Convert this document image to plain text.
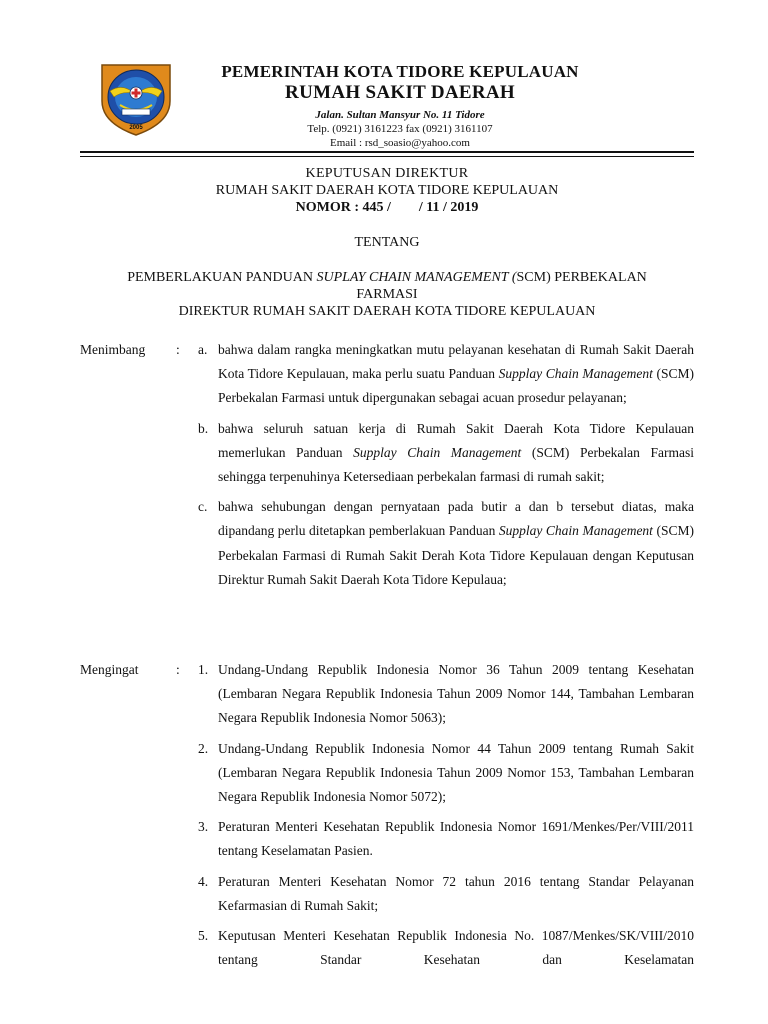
2005
PEMERINTAH KOTA TIDORE KEPULAUAN
RUMAH SAKIT DAERAH
Jalan. Sultan Mansyur No. 11 Tidore
Telp. (0921) 3161223 fax (0921) 3161107
Email : rsd_soasio@yahoo.com
KEPUTUSAN DIREKTUR
RUMAH SAKIT DAERAH KOTA TIDORE KEPULAUAN
NOMOR : 445 /        / 11 / 2019
TENTANG
PEMBERLAKUAN PANDUAN SUPLAY CHAIN MANAGEMENT (SCM) PERBEKALAN
FARMASI
DIREKTUR RUMAH SAKIT DAERAH KOTA TIDORE KEPULAUAN
Menimbang : a. bahwa dalam rangka meningkatkan mutu pelayanan kesehatan di Rumah Sakit Daerah Kota Tidore Kepulauan, maka perlu suatu Panduan Supplay Chain Management (SCM) Perbekalan Farmasi untuk dipergunakan sebagai acuan prosedur pelayanan;
b. bahwa seluruh satuan kerja di Rumah Sakit Daerah Kota Tidore Kepulauan memerlukan Panduan Supplay Chain Management (SCM) Perbekalan Farmasi sehingga terpenuhinya Ketersediaan perbekalan farmasi di rumah sakit;
c. bahwa sehubungan dengan pernyataan pada butir a dan b tersebut diatas, maka dipandang perlu ditetapkan pemberlakuan Panduan Supplay Chain Management (SCM) Perbekalan Farmasi di Rumah Sakit Derah Kota Tidore Kepulauan dengan Keputusan Direktur Rumah Sakit Daerah Kota Tidore Kepulaua;
Mengingat	: 1. Undang-Undang Republik Indonesia Nomor 36 Tahun 2009 tentang Kesehatan (Lembaran Negara Republik Indonesia Tahun 2009 Nomor 144, Tambahan Lembaran Negara Republik Indonesia Nomor 5063);
2. Undang-Undang Republik Indonesia Nomor 44 Tahun 2009 tentang Rumah Sakit (Lembaran Negara Republik Indonesia Tahun 2009 Nomor 153, Tambahan Lembaran Negara Republik Indonesia Nomor 5072);
3. Peraturan Menteri Kesehatan Republik Indonesia Nomor 1691/Menkes/Per/VIII/2011 tentang Keselamatan Pasien.
4. Peraturan Menteri Kesehatan Nomor 72 tahun 2016 tentang Standar Pelayanan Kefarmasian di Rumah Sakit;
5. Keputusan Menteri Kesehatan Republik Indonesia No. 1087/Menkes/SK/VIII/2010 tentang Standar Kesehatan dan Keselamatan
